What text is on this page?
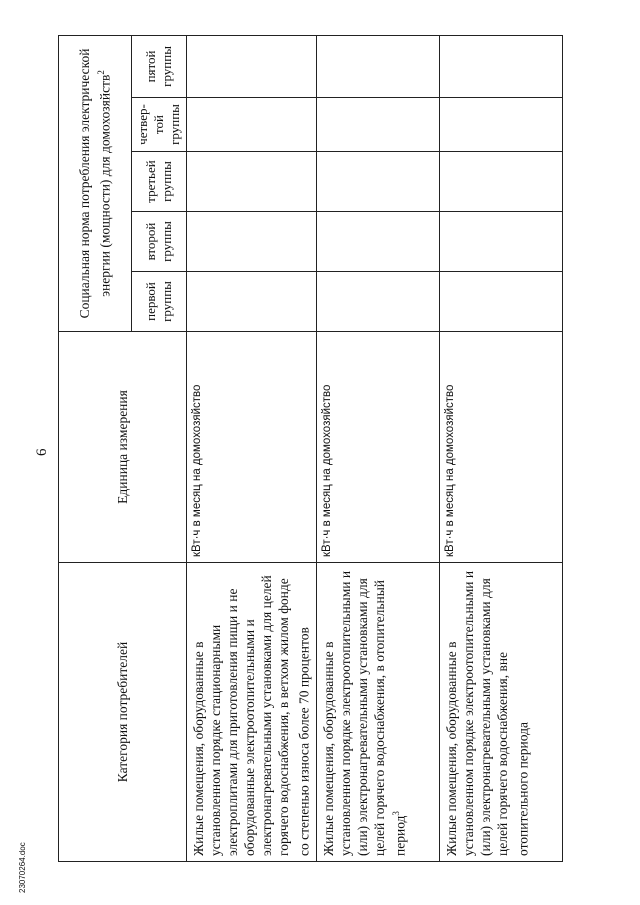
6
23070264.doc
Категория потребителей	Единица измерения	Социальная норма потребления электрической энергии (мощности) для домохозяйств$^2$
		первой группы	второй группы	третьей группы	четвер-той группы	пятой группы
Жилые помещения, оборудованные в установленном порядке стационарными электроплитами для приготовления пищи и не оборудованные электроотопительными и электронагревательными установками для целей горячего водоснабжения, в ветхом жилом фонде со степенью износа более 70 процентов	кВт·ч в месяц на домохозяйство					
Жилые помещения, оборудованные в установленном порядке электроотопительными и (или) электронагревательными установками для целей горячего водоснабжения, в отопительный период$^3$	кВт·ч в месяц на домохозяйство					
Жилые помещения, оборудованные в установленном порядке электроотопительными и (или) электронагревательными установками для целей горячего водоснабжения, вне отопительного периода	кВт·ч в месяц на домохозяйство					
